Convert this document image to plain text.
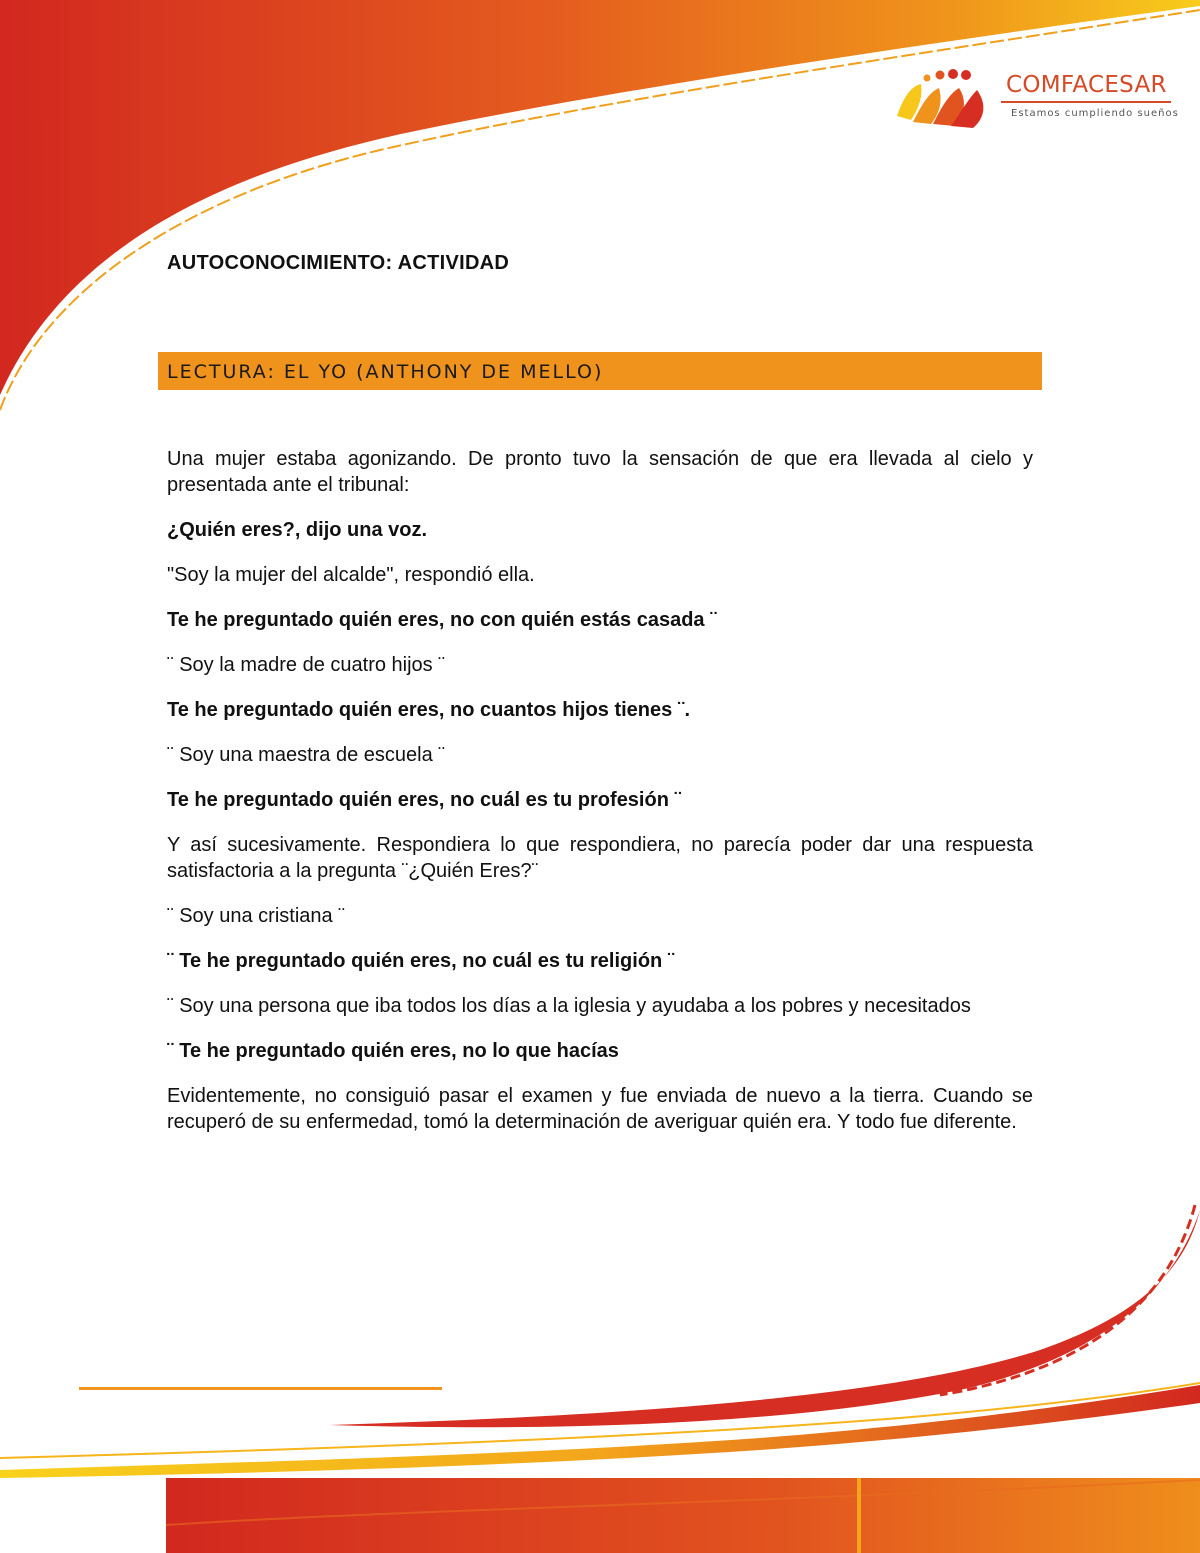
COMFACESAR
Estamos cumpliendo sueños
AUTOCONOCIMIENTO: ACTIVIDAD
LECTURA: EL YO (ANTHONY DE MELLO)

Una mujer estaba agonizando. De pronto tuvo la sensación de que era llevada al cielo y presentada ante el tribunal:

¿Quién eres?, dijo una voz.

"Soy la mujer del alcalde", respondió ella.

Te he preguntado quién eres, no con quién estás casada ¨

¨ Soy la madre de cuatro hijos ¨

Te he preguntado quién eres, no cuantos hijos tienes ¨.

¨ Soy una maestra de escuela ¨

Te he preguntado quién eres, no cuál es tu profesión ¨

Y así sucesivamente. Respondiera lo que respondiera, no parecía poder dar una respuesta satisfactoria a la pregunta ¨¿Quién Eres?¨

¨ Soy una cristiana ¨

¨ Te he preguntado quién eres, no cuál es tu religión ¨

¨ Soy una persona que iba todos los días a la iglesia y ayudaba a los pobres y necesitados

¨ Te he preguntado quién eres, no lo que hacías

Evidentemente, no consiguió pasar el examen y fue enviada de nuevo a la tierra. Cuando se recuperó de su enfermedad, tomó la determinación de averiguar quién era. Y todo fue diferente.
